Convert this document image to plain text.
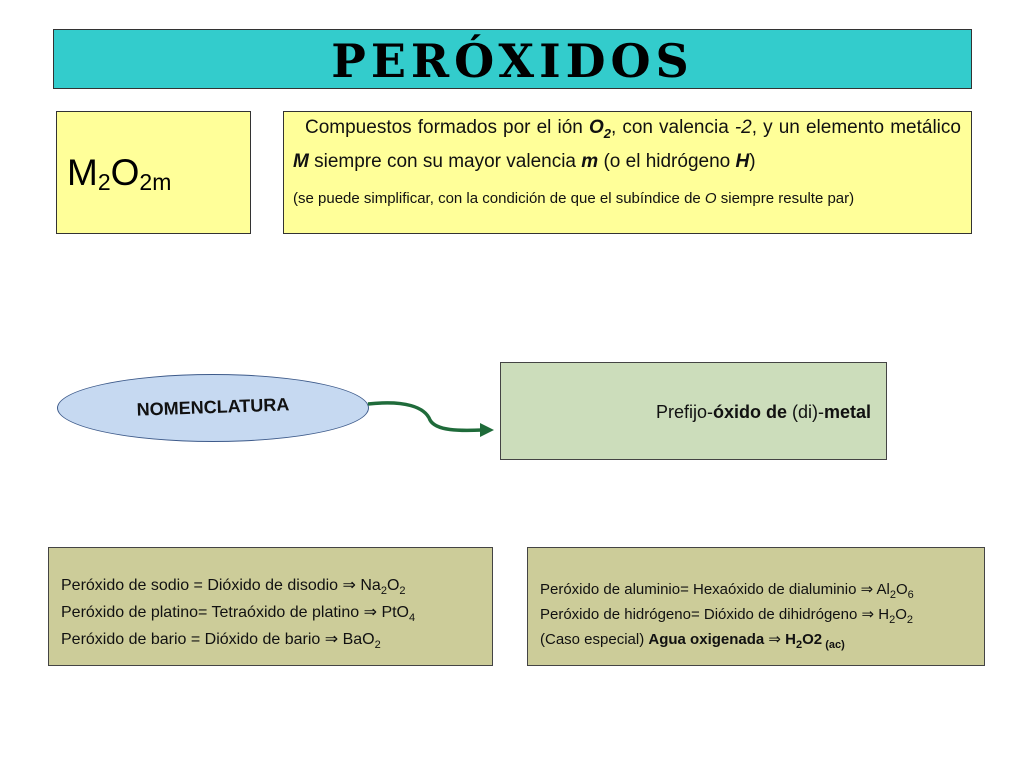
PERÓXIDOS
$M_2O_{2m}$

Compuestos formados por el ión $O_2$, con valencia -2, y un elemento metálico M siempre con su mayor valencia m (o el hidrógeno H)

(se puede simplificar, con la condición de que el subíndice de O siempre resulte par)
NOMENCLATURA	Prefijo-óxido de (di)-metal
Peróxido de sodio = Dióxido de disodio ⇒ $Na_2O_2$
Peróxido de platino= Tetraóxido de platino ⇒ PtO$_4$
Peróxido de bario = Dióxido de bario ⇒ BaO$_2$
Peróxido de aluminio= Hexaóxido de dialuminio ⇒ $Al_2O_6$
Peróxido de hidrógeno= Dióxido de dihidrógeno ⇒ $H_2O_2$
(Caso especial) Agua oxigenada ⇒ $H_2O2$ $_{(ac)}$
